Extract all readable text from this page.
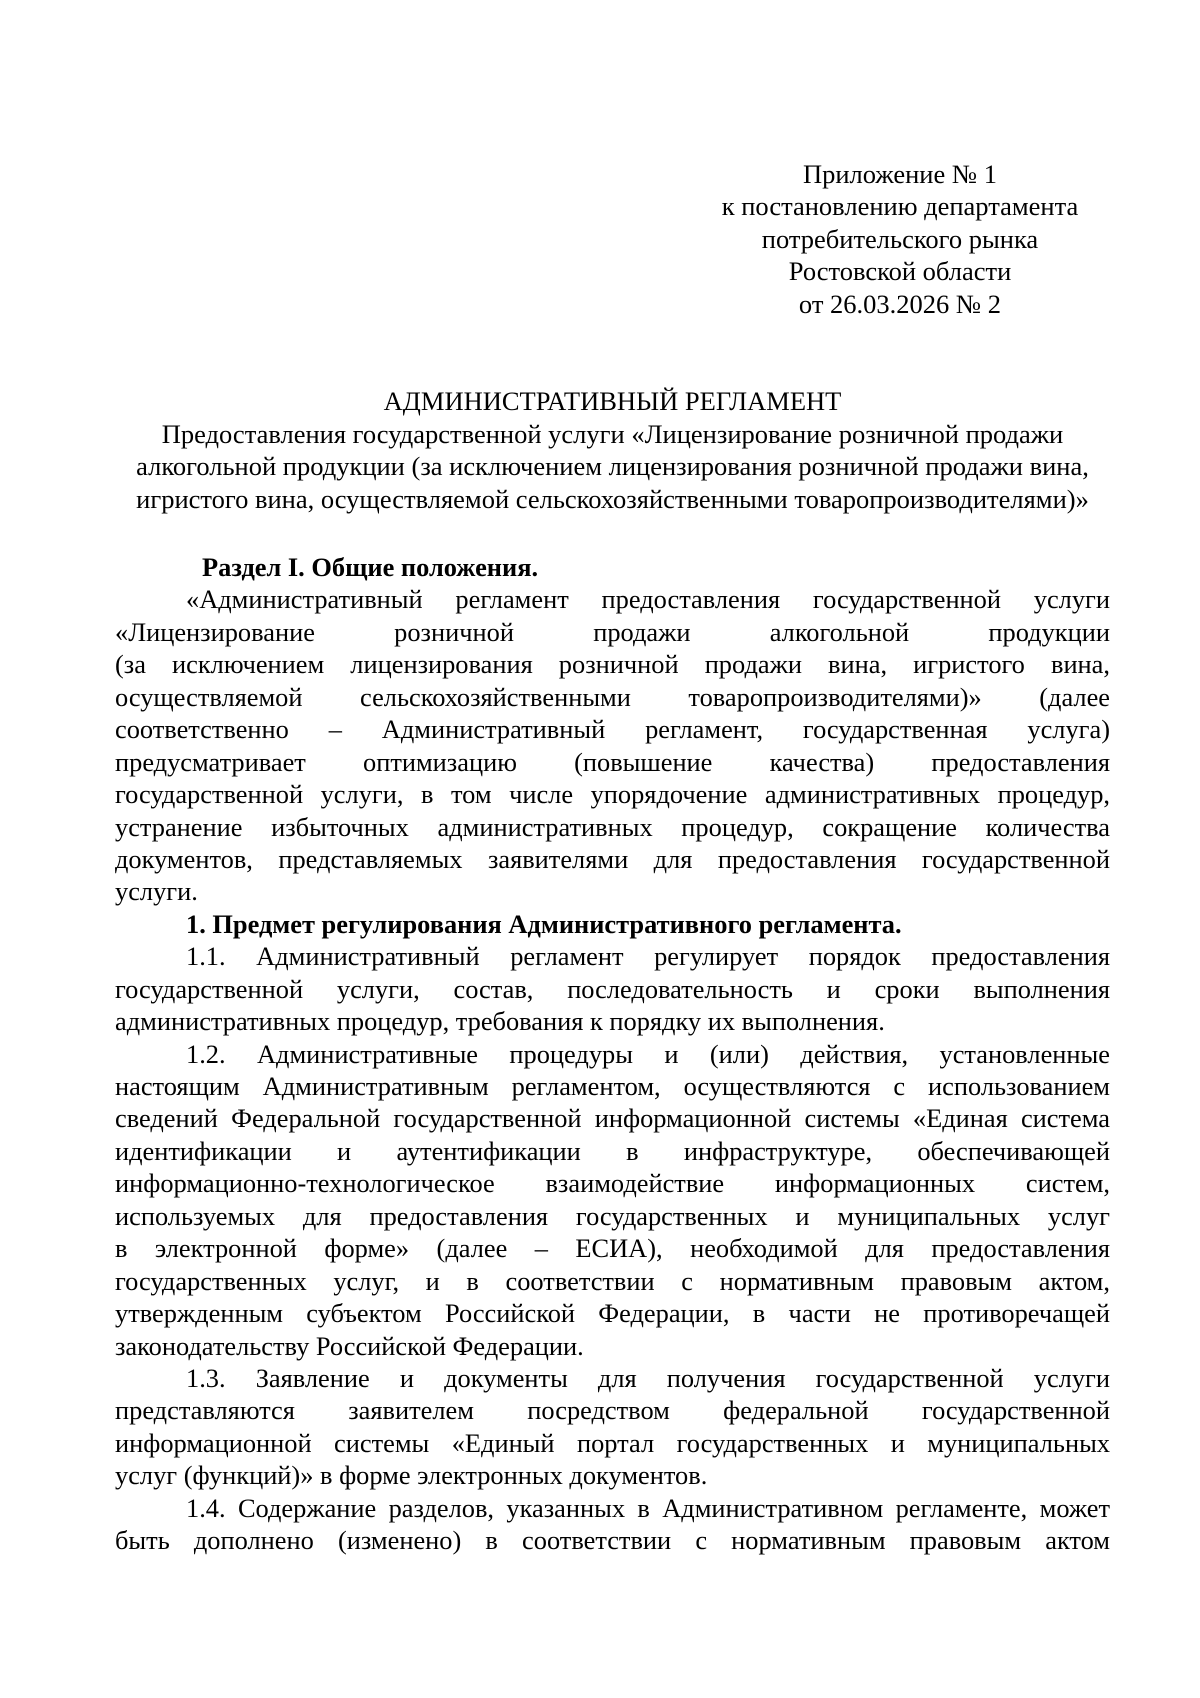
Приложение № 1
к постановлению департамента
потребительского рынка
Ростовской области
от 26.03.2026 № 2
АДМИНИСТРАТИВНЫЙ РЕГЛАМЕНТ
Предоставления государственной услуги «Лицензирование розничной продажи
алкогольной продукции (за исключением лицензирования розничной продажи вина,
игристого вина, осуществляемой сельскохозяйственными товаропроизводителями)»
Раздел I. Общие положения.
«Административный регламент предоставления государственной услуги
«Лицензирование розничной продажи алкогольной продукции
(за исключением лицензирования розничной продажи вина, игристого вина,
осуществляемой сельскохозяйственными товаропроизводителями)» (далее
соответственно – Административный регламент, государственная услуга)
предусматривает оптимизацию (повышение качества) предоставления
государственной услуги, в том числе упорядочение административных процедур,
устранение избыточных административных процедур, сокращение количества
документов, представляемых заявителями для предоставления государственной
услуги.
1. Предмет регулирования Административного регламента.
1.1. Административный регламент регулирует порядок предоставления
государственной услуги, состав, последовательность и сроки выполнения
административных процедур, требования к порядку их выполнения.
1.2. Административные процедуры и (или) действия, установленные
настоящим Административным регламентом, осуществляются с использованием
сведений Федеральной государственной информационной системы «Единая система
идентификации и аутентификации в инфраструктуре, обеспечивающей
информационно-технологическое взаимодействие информационных систем,
используемых для предоставления государственных и муниципальных услуг
в электронной форме» (далее – ЕСИА), необходимой для предоставления
государственных услуг, и в соответствии с нормативным правовым актом,
утвержденным субъектом Российской Федерации, в части не противоречащей
законодательству Российской Федерации.
1.3. Заявление и документы для получения государственной услуги
представляются заявителем посредством федеральной государственной
информационной системы «Единый портал государственных и муниципальных
услуг (функций)» в форме электронных документов.
1.4. Содержание разделов, указанных в Административном регламенте, может
быть дополнено (изменено) в соответствии с нормативным правовым актом
